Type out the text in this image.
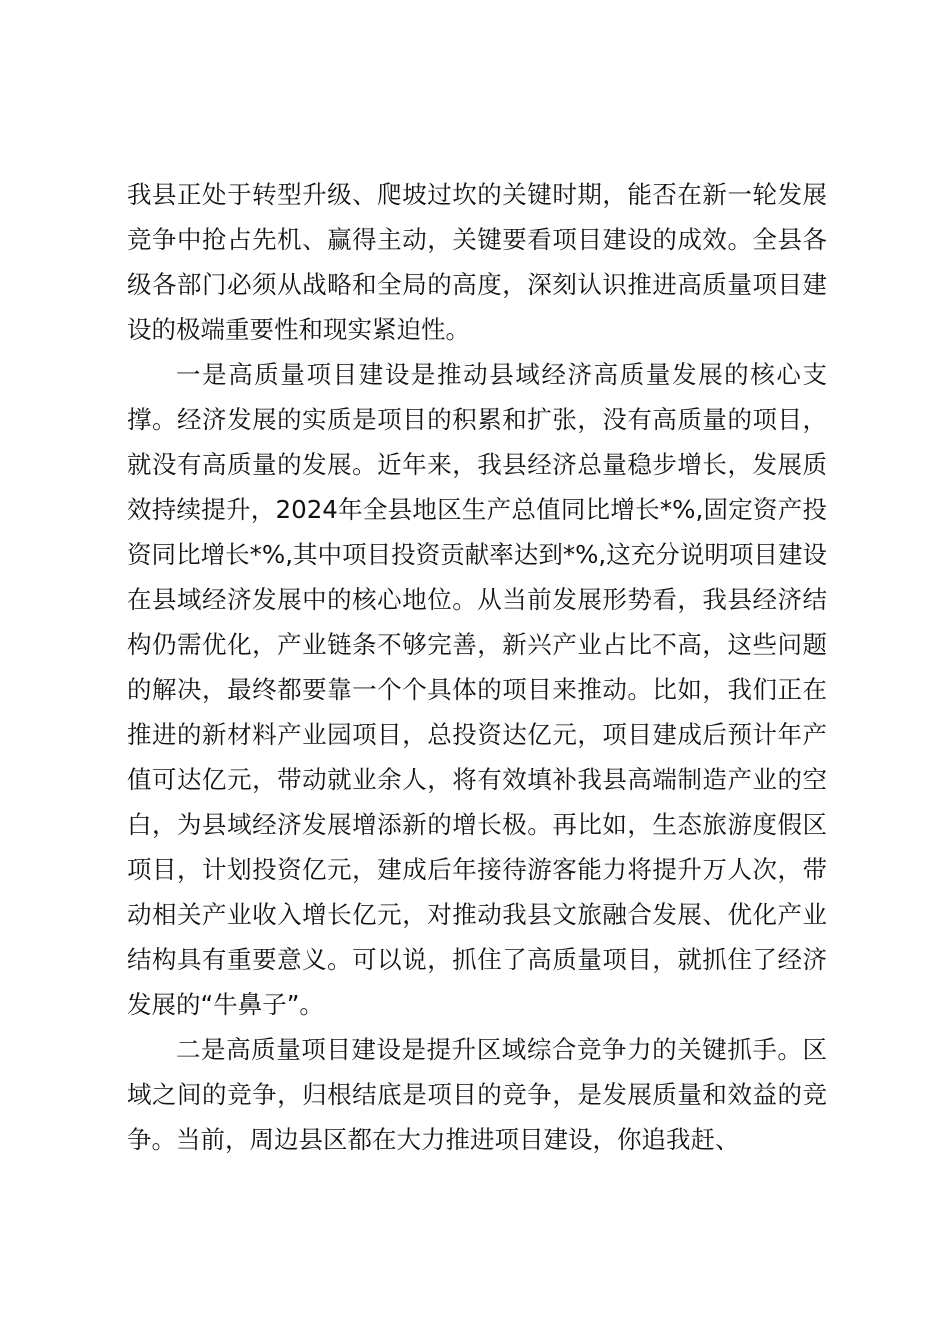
我县正处于转型升级、爬坡过坎的关键时期，能否在新一轮发展竞争中抢占先机、赢得主动，关键要看项目建设的成效。全县各级各部门必须从战略和全局的高度，深刻认识推进高质量项目建设的极端重要性和现实紧迫性。

一是高质量项目建设是推动县域经济高质量发展的核心支撑。经济发展的实质是项目的积累和扩张，没有高质量的项目，就没有高质量的发展。近年来，我县经济总量稳步增长，发展质效持续提升，2024年全县地区生产总值同比增长*%,固定资产投资同比增长*%,其中项目投资贡献率达到*%,这充分说明项目建设在县域经济发展中的核心地位。从当前发展形势看，我县经济结构仍需优化，产业链条不够完善，新兴产业占比不高，这些问题的解决，最终都要靠一个个具体的项目来推动。比如，我们正在推进的新材料产业园项目，总投资达亿元，项目建成后预计年产值可达亿元，带动就业余人，将有效填补我县高端制造产业的空白，为县域经济发展增添新的增长极。再比如，生态旅游度假区项目，计划投资亿元，建成后年接待游客能力将提升万人次，带动相关产业收入增长亿元，对推动我县文旅融合发展、优化产业结构具有重要意义。可以说，抓住了高质量项目，就抓住了经济发展的“牛鼻子”。

二是高质量项目建设是提升区域综合竞争力的关键抓手。区域之间的竞争，归根结底是项目的竞争，是发展质量和效益的竞争。当前，周边县区都在大力推进项目建设，你追我赶、
